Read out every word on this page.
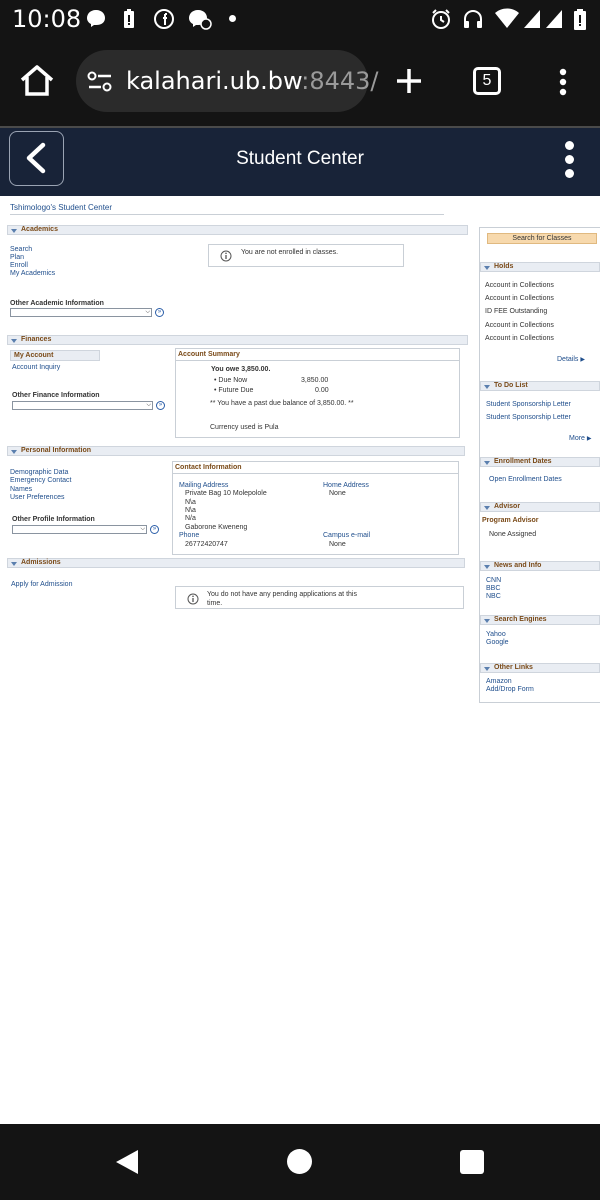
10:08
kalahari.ub.bw:8443/	5
Student Center
Tshimologo's Student Center
Academics
Search
Plan
Enroll
My Academics
You are not enrolled in classes.
Other Academic Information
⌵	»
Finances
My Account
Account Inquiry
Other Finance Information
⌵	»
Account Summary
You owe 3,850.00.
• Due Now	3,850.00
• Future Due	0.00
** You have a past due balance of 3,850.00. **
Currency used is Pula
Personal Information
Demographic Data
Emergency Contact
Names
User Preferences
Other Profile Information
⌵	»
Contact Information
Mailing Address
Private Bag 10 Molepolole
N\a
N\a
N/a
Gaborone Kweneng
Phone
26772420747
Home Address
None
Campus e-mail
None
Admissions
Apply for Admission
You do not have any pending applications at this time.
Search for Classes
Holds
Account in Collections
Account in Collections
ID FEE Outstanding
Account in Collections
Account in Collections
Details ▶
To Do List
Student Sponsorship Letter
Student Sponsorship Letter
More ▶
Enrollment Dates
Open Enrollment Dates
Advisor
Program Advisor
None Assigned
News and Info
CNN
BBC
NBC
Search Engines
Yahoo
Google
Other Links
Amazon
Add/Drop Form
